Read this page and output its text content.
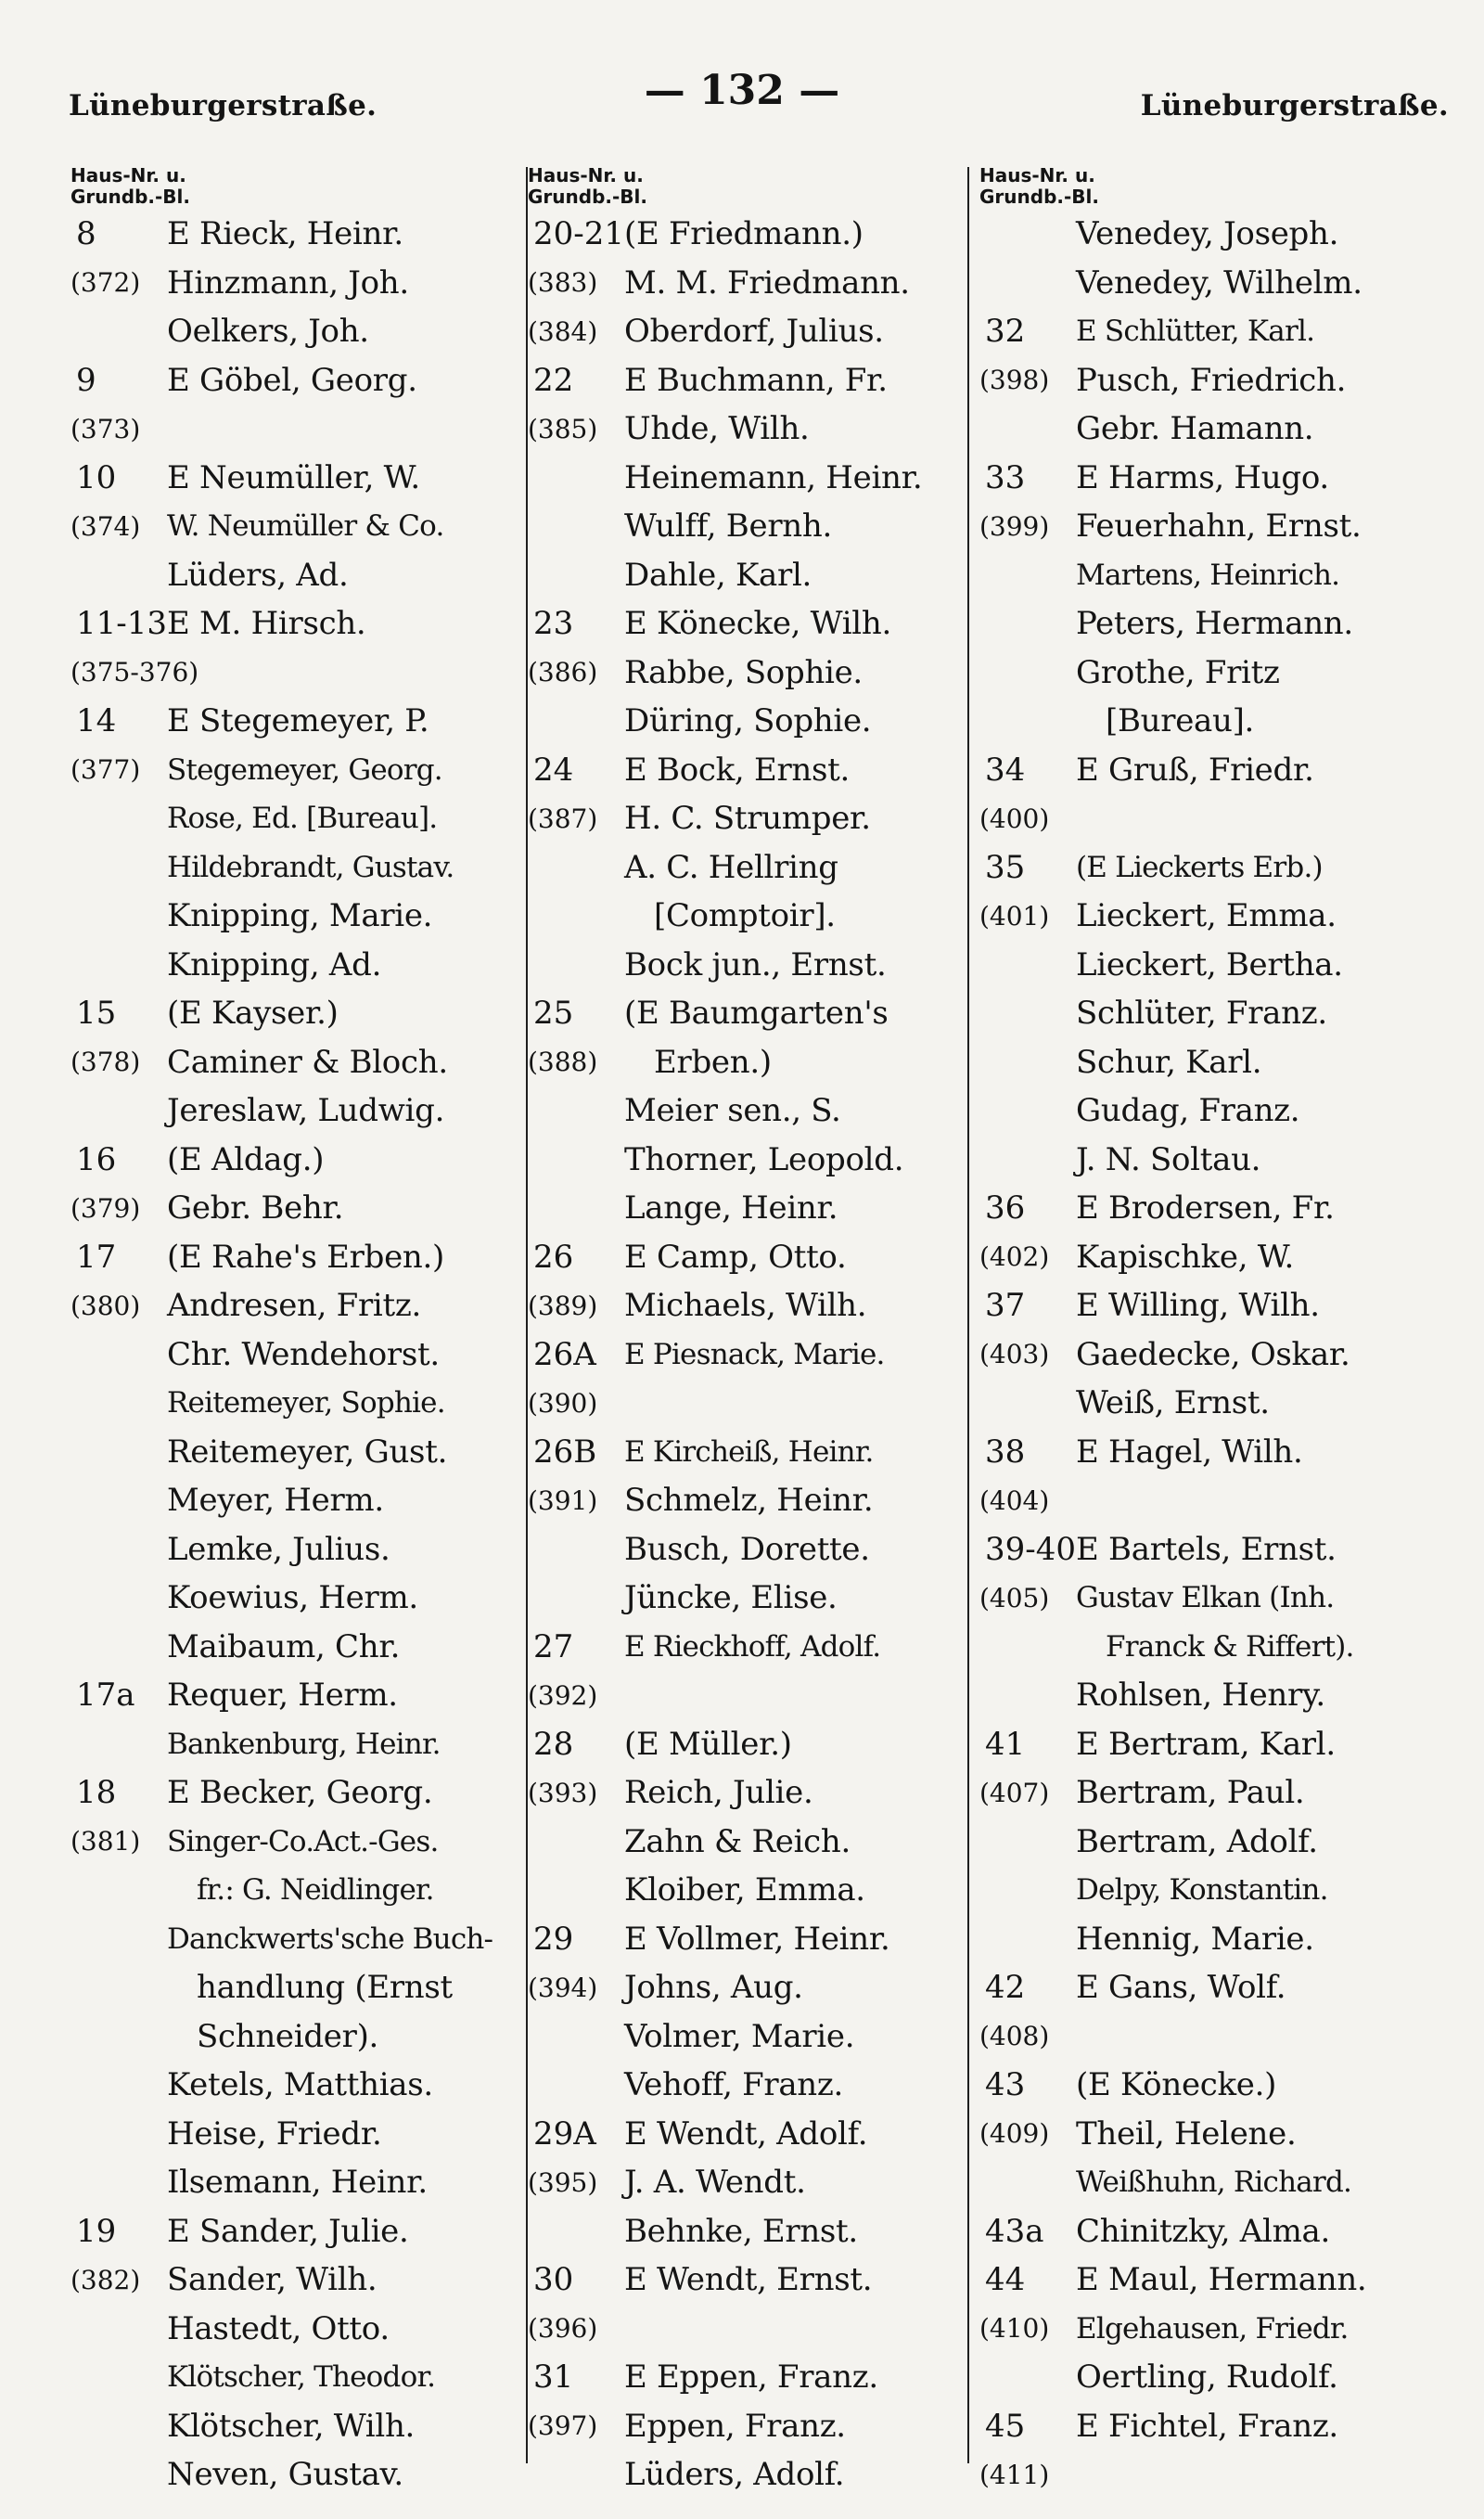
Lüneburgerstraße.	— 132 —	Lüneburgerstraße.
Haus-Nr. u.
Grundb.-Bl.
8	E Rieck, Heinr.
(372) Hinzmann, Joh.
Oelkers, Joh.
9	E Göbel, Georg.
(373)
10	E Neumüller, W.
(374) W. Neumüller & Co.
Lüders, Ad.
11-13 E M. Hirsch.
(375-376)
14	E Stegemeyer, P.
(377) Stegemeyer, Georg.
Rose, Ed. [Bureau].
Hildebrandt, Gustav.
Knipping, Marie.
Knipping, Ad.
15	(E Kayser.)
(378) Caminer & Bloch.
Jereslaw, Ludwig.
16	(E Aldag.)
(379) Gebr. Behr.
17	(E Rahe's Erben.)
(380) Andresen, Fritz.
Chr. Wendehorst.
Reitemeyer, Sophie.
Reitemeyer, Gust.
Meyer, Herm.
Lemke, Julius.
Koewius, Herm.
Maibaum, Chr.
17a	Requer, Herm.
Bankenburg, Heinr.
18	E Becker, Georg.
(381) Singer-Co.Act.-Ges.
fr.: G. Neidlinger.
Danckwerts'sche Buch-
handlung (Ernst
Schneider).
Ketels, Matthias.
Heise, Friedr.
Ilsemann, Heinr.
19	E Sander, Julie.
(382) Sander, Wilh.
Hastedt, Otto.
Klötscher, Theodor.
Klötscher, Wilh.
Neven, Gustav.
Haus-Nr. u.
Grundb.-Bl.
20-21 (E Friedmann.)
(383) M. M. Friedmann.
(384) Oberdorf, Julius.
22	E Buchmann, Fr.
(385) Uhde, Wilh.
Heinemann, Heinr.
Wulff, Bernh.
Dahle, Karl.
23	E Könecke, Wilh.
(386) Rabbe, Sophie.
Düring, Sophie.
24	E Bock, Ernst.
(387) H. C. Strumper.
A. C. Hellring
[Comptoir].
Bock jun., Ernst.
25	(E Baumgarten's
(388)	Erben.)
Meier sen., S.
Thorner, Leopold.
Lange, Heinr.
26	E Camp, Otto.
(389) Michaels, Wilh.
26A E Piesnack, Marie.
(390)
26B E Kircheiß, Heinr.
(391) Schmelz, Heinr.
Busch, Dorette.
Jüncke, Elise.
27	E Rieckhoff, Adolf.
(392)
28	(E Müller.)
(393) Reich, Julie.
Zahn & Reich.
Kloiber, Emma.
29	E Vollmer, Heinr.
(394) Johns, Aug.
Volmer, Marie.
Vehoff, Franz.
29A E Wendt, Adolf.
(395) J. A. Wendt.
Behnke, Ernst.
30	E Wendt, Ernst.
(396)
31	E Eppen, Franz.
(397) Eppen, Franz.
Lüders, Adolf.
Haus-Nr. u.
Grundb.-Bl.
Venedey, Joseph.
Venedey, Wilhelm.
32	E Schlütter, Karl.
(398) Pusch, Friedrich.
Gebr. Hamann.
33	E Harms, Hugo.
(399) Feuerhahn, Ernst.
Martens, Heinrich.
Peters, Hermann.
Grothe, Fritz
[Bureau].
34	E Gruß, Friedr.
(400)
35	(E Lieckerts Erb.)
(401) Lieckert, Emma.
Lieckert, Bertha.
Schlüter, Franz.
Schur, Karl.
Gudag, Franz.
J. N. Soltau.
36	E Brodersen, Fr.
(402) Kapischke, W.
37	E Willing, Wilh.
(403) Gaedecke, Oskar.
Weiß, Ernst.
38	E Hagel, Wilh.
(404)
39-40 E Bartels, Ernst.
(405) Gustav Elkan (Inh.
Franck & Riffert).
Rohlsen, Henry.
41	E Bertram, Karl.
(407) Bertram, Paul.
Bertram, Adolf.
Delpy, Konstantin.
Hennig, Marie.
42	E Gans, Wolf.
(408)
43	(E Könecke.)
(409) Theil, Helene.
Weißhuhn, Richard.
43a	Chinitzky, Alma.
44	E Maul, Hermann.
(410) Elgehausen, Friedr.
Oertling, Rudolf.
45	E Fichtel, Franz.
(411)
